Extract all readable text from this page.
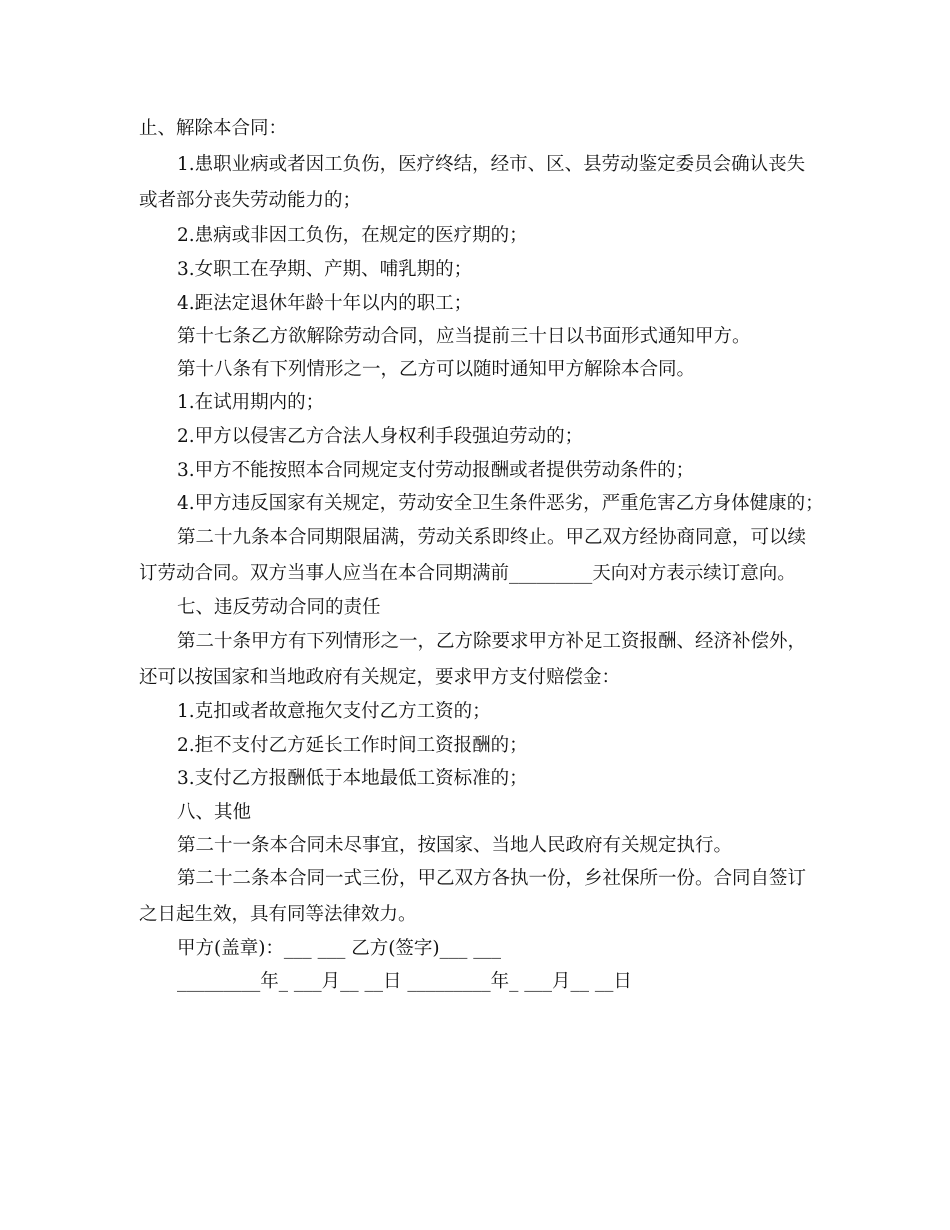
止、解除本合同：
1.患职业病或者因工负伤，医疗终结，经市、区、县劳动鉴定委员会确认丧失
或者部分丧失劳动能力的；
2.患病或非因工负伤，在规定的医疗期的；
3.女职工在孕期、产期、哺乳期的；
4.距法定退休年龄十年以内的职工；
第十七条乙方欲解除劳动合同，应当提前三十日以书面形式通知甲方。
第十八条有下列情形之一，乙方可以随时通知甲方解除本合同。
1.在试用期内的；
2.甲方以侵害乙方合法人身权利手段强迫劳动的；
3.甲方不能按照本合同规定支付劳动报酬或者提供劳动条件的；
4.甲方违反国家有关规定，劳动安全卫生条件恶劣，严重危害乙方身体健康的；
第二十九条本合同期限届满，劳动关系即终止。甲乙双方经协商同意，可以续
订劳动合同。双方当事人应当在本合同期满前_________天向对方表示续订意向。
七、违反劳动合同的责任
第二十条甲方有下列情形之一，乙方除要求甲方补足工资报酬、经济补偿外，
还可以按国家和当地政府有关规定，要求甲方支付赔偿金：
1.克扣或者故意拖欠支付乙方工资的；
2.拒不支付乙方延长工作时间工资报酬的；
3.支付乙方报酬低于本地最低工资标准的；
八、其他
第二十一条本合同未尽事宜，按国家、当地人民政府有关规定执行。
第二十二条本合同一式三份，甲乙双方各执一份，乡社保所一份。合同自签订
之日起生效，具有同等法律效力。
甲方(盖章)：___ ___ 乙方(签字)___ ___
_________年_ ___月__ __日 _________年_ ___月__ __日
